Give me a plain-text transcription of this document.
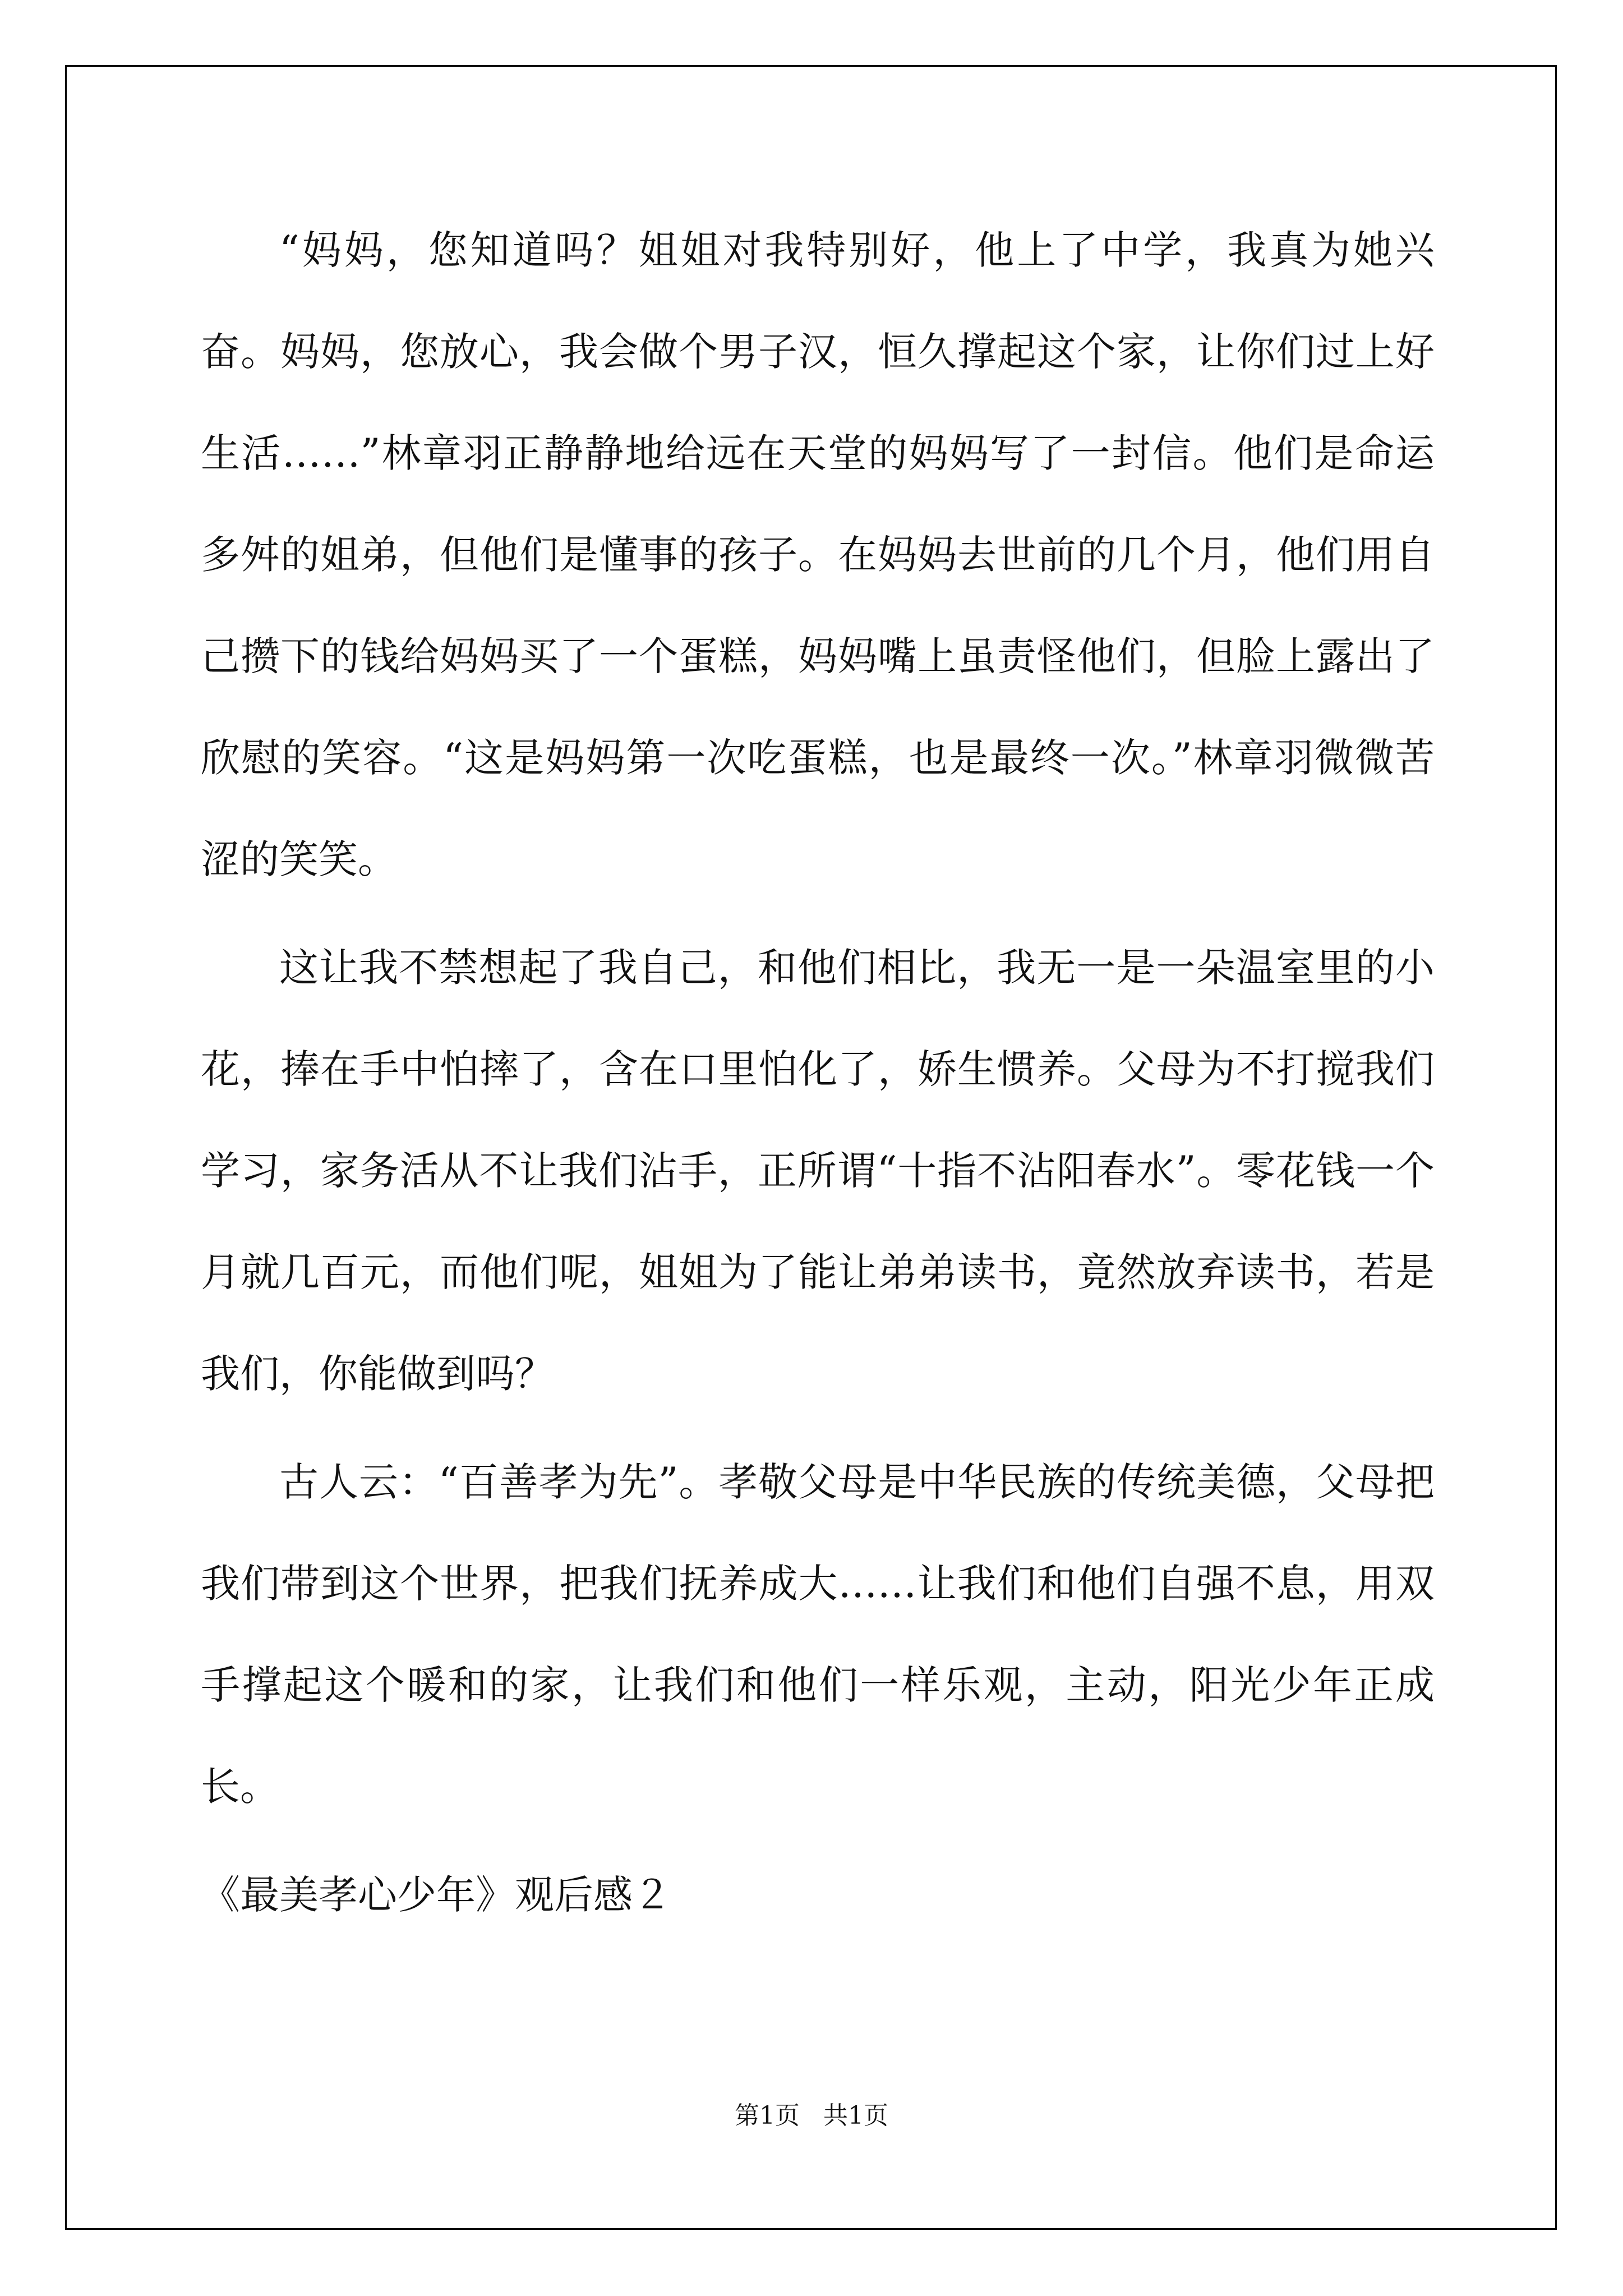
“妈妈，您知道吗？姐姐对我特别好，他上了中学，我真为她兴奋。妈妈，您放心，我会做个男子汉，恒久撑起这个家，让你们过上好生活……”林章羽正静静地给远在天堂的妈妈写了一封信。他们是命运多舛的姐弟，但他们是懂事的孩子。在妈妈去世前的几个月，他们用自己攒下的钱给妈妈买了一个蛋糕，妈妈嘴上虽责怪他们，但脸上露出了欣慰的笑容。“这是妈妈第一次吃蛋糕，也是最终一次。”林章羽微微苦涩的笑笑。

这让我不禁想起了我自己，和他们相比，我无一是一朵温室里的小花，捧在手中怕摔了，含在口里怕化了，娇生惯养。父母为不打搅我们学习，家务活从不让我们沾手，正所谓“十指不沾阳春水”。零花钱一个月就几百元，而他们呢，姐姐为了能让弟弟读书，竟然放弃读书，若是我们，你能做到吗？

古人云：“百善孝为先”。孝敬父母是中华民族的传统美德，父母把我们带到这个世界，把我们抚养成大……让我们和他们自强不息，用双手撑起这个暖和的家，让我们和他们一样乐观，主动，阳光少年正成长。

《最美孝心少年》观后感２

第1页   共1页
